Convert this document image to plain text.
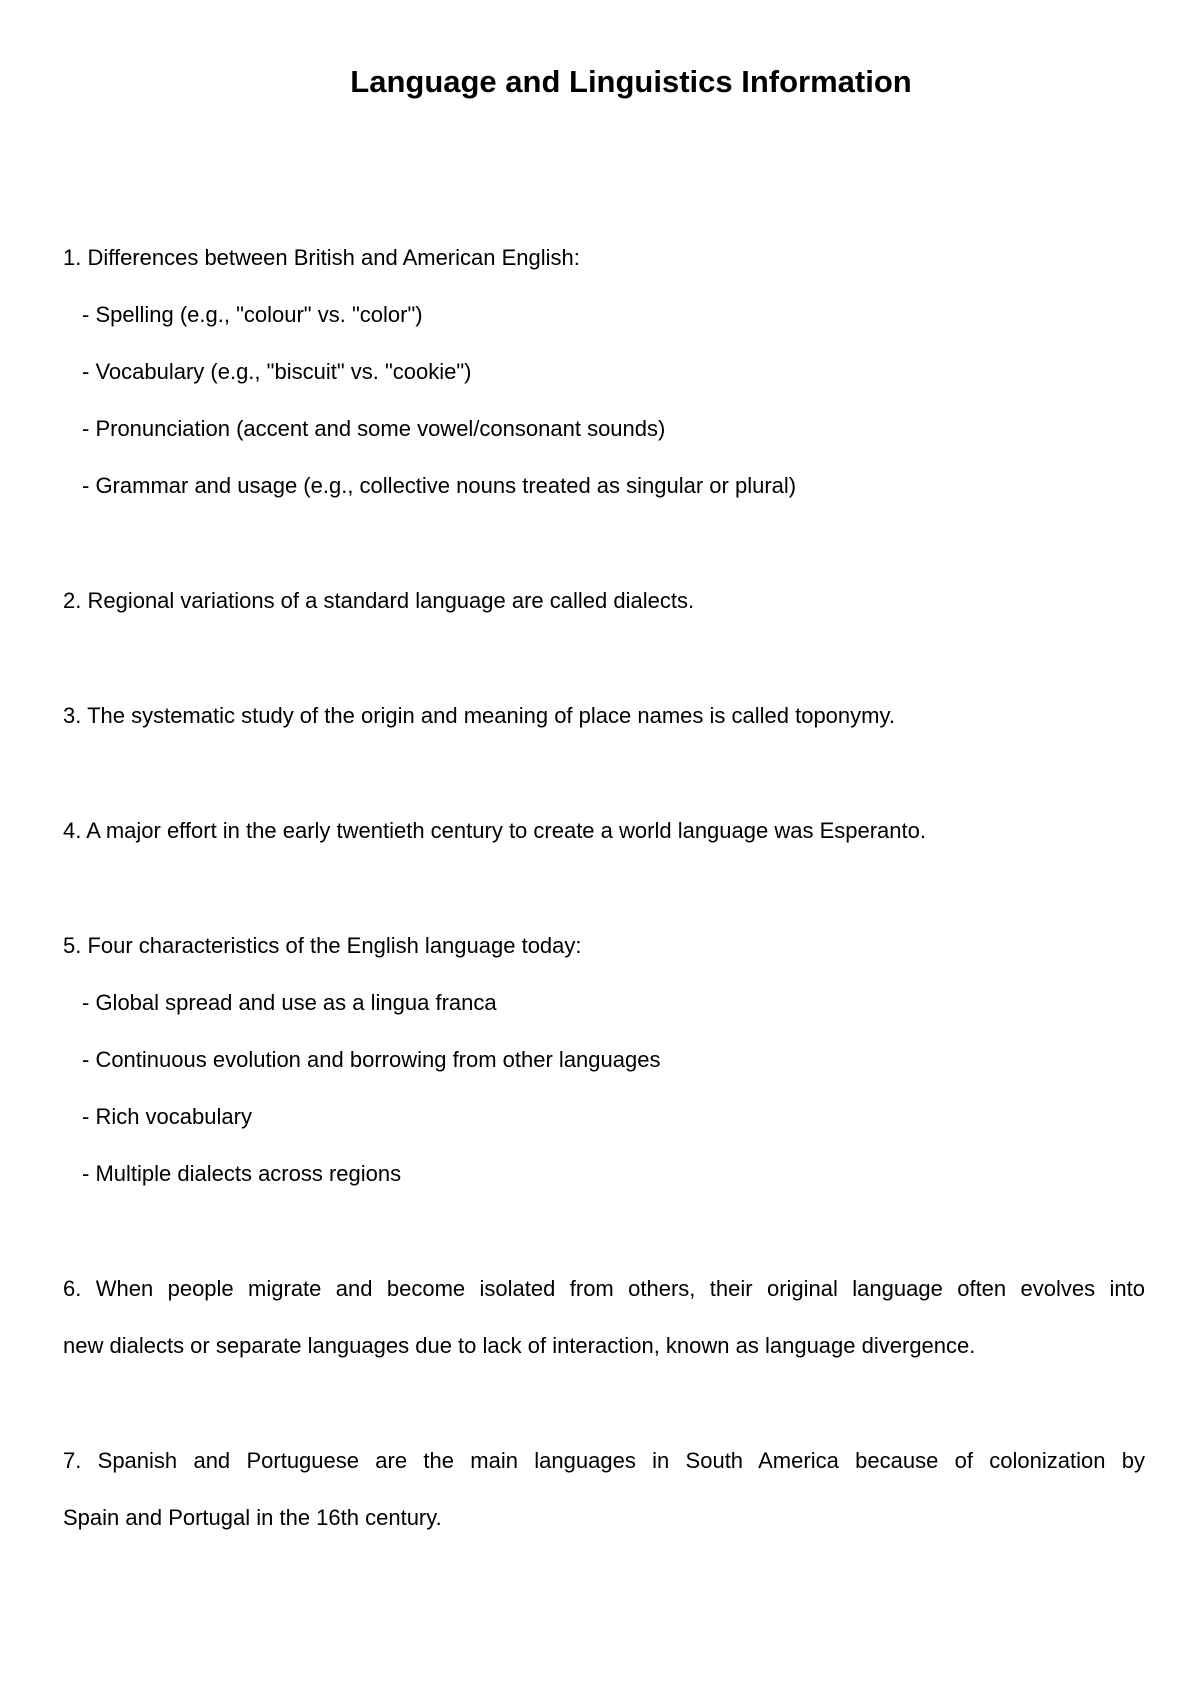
Language and Linguistics Information
1. Differences between British and American English:
- Spelling (e.g., "colour" vs. "color")
- Vocabulary (e.g., "biscuit" vs. "cookie")
- Pronunciation (accent and some vowel/consonant sounds)
- Grammar and usage (e.g., collective nouns treated as singular or plural)
2. Regional variations of a standard language are called dialects.
3. The systematic study of the origin and meaning of place names is called toponymy.
4. A major effort in the early twentieth century to create a world language was Esperanto.
5. Four characteristics of the English language today:
- Global spread and use as a lingua franca
- Continuous evolution and borrowing from other languages
- Rich vocabulary
- Multiple dialects across regions
6. When people migrate and become isolated from others, their original language often evolves into
new dialects or separate languages due to lack of interaction, known as language divergence.
7. Spanish and Portuguese are the main languages in South America because of colonization by
Spain and Portugal in the 16th century.
